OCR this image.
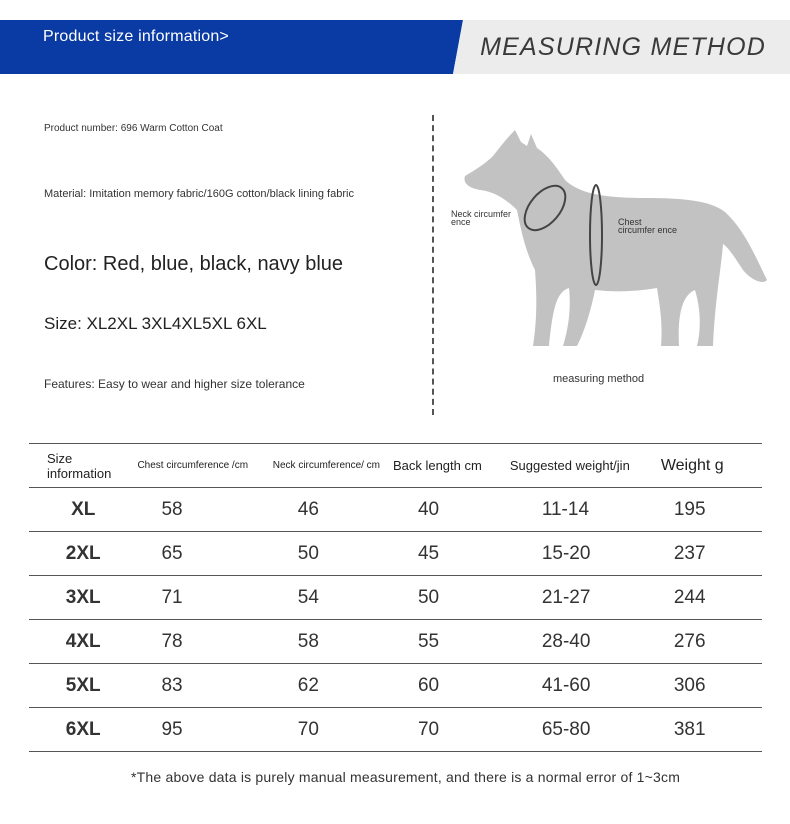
Product size information>	MEASURING METHOD
Product number: 696 Warm Cotton Coat
Material: Imitation memory fabric/160G cotton/black lining fabric
Color: Red, blue, black, navy blue
Size: XL2XL 3XL4XL5XL 6XL
Features: Easy to wear and higher size tolerance
Neck circumfer ence	Chest circumfer ence
measuring method
Size information	Chest circumference /cm	Neck circumference/ cm	Back length cm	Suggested weight/jin	Weight g
XL	58	46	40	11-14	195
2XL	65	50	45	15-20	237
3XL	71	54	50	21-27	244
4XL	78	58	55	28-40	276
5XL	83	62	60	41-60	306
6XL	95	70	70	65-80	381
*The above data is purely manual measurement, and there is a normal error of 1~3cm
